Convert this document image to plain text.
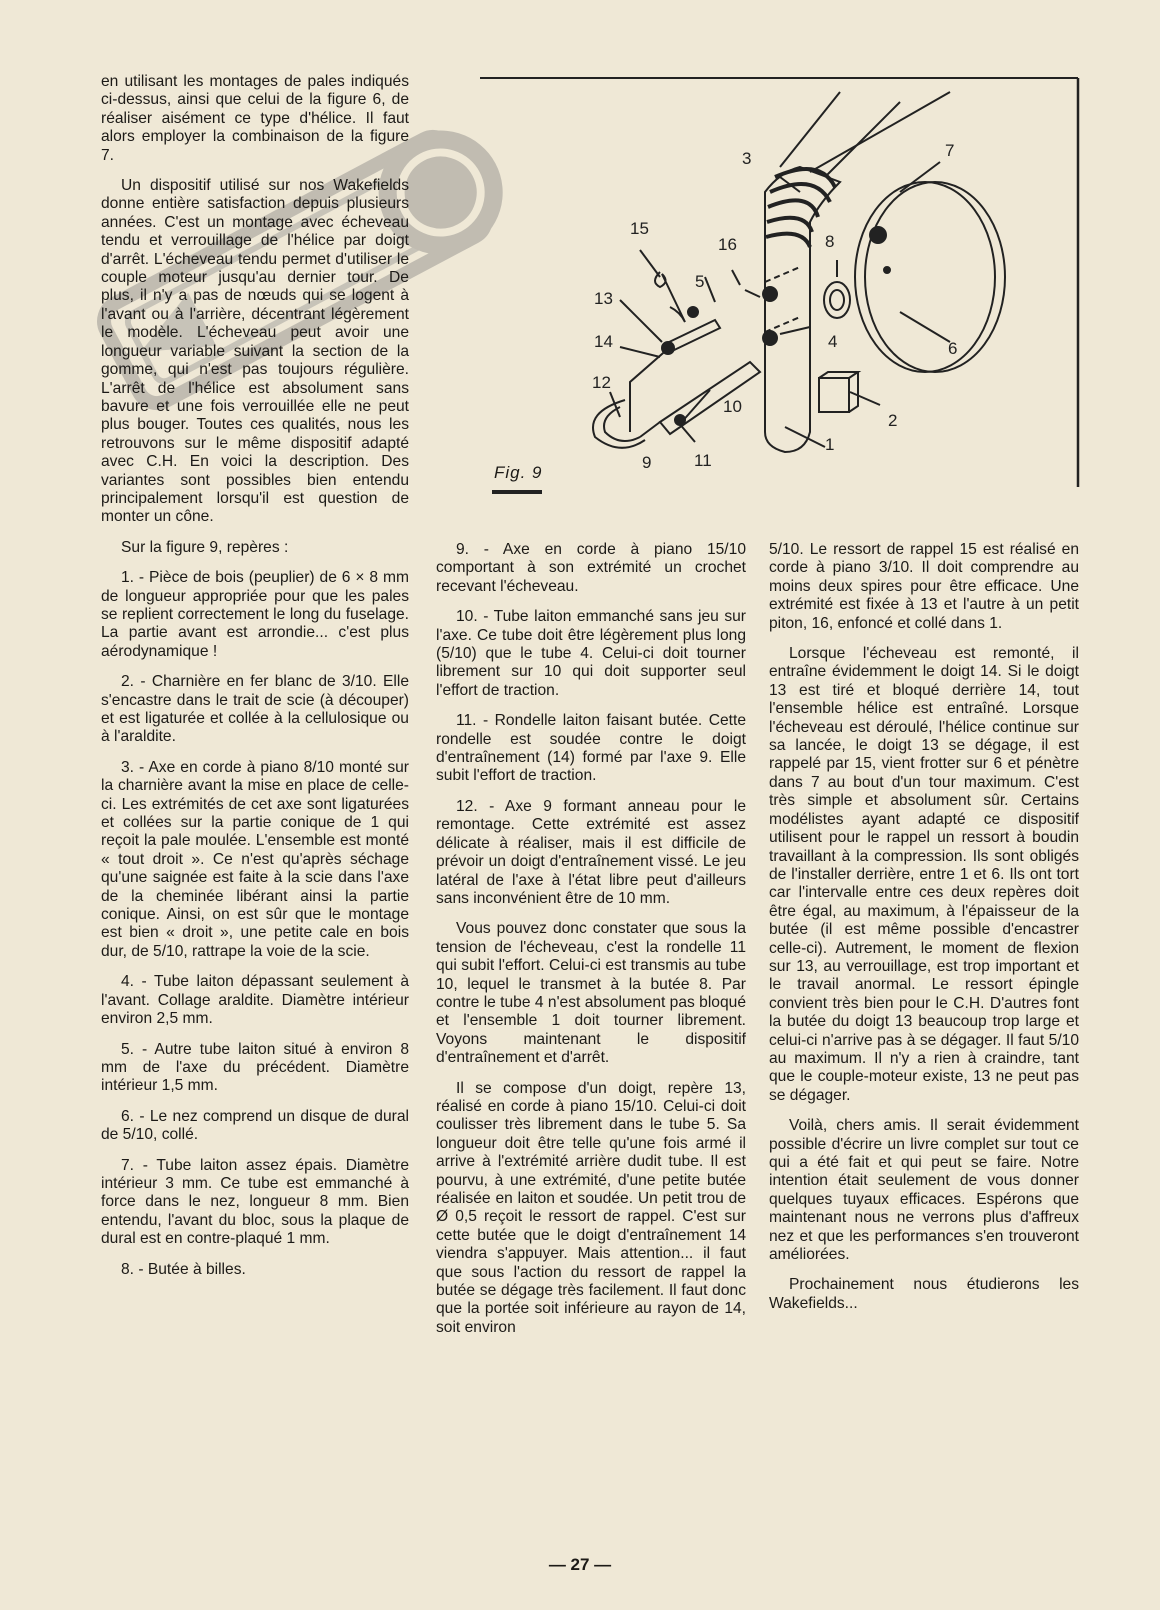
en utilisant les montages de pales indiqués ci-dessus, ainsi que celui de la figure 6, de réaliser aisément ce type d'hélice. Il faut alors employer la combinaison de la figure 7.

Un dispositif utilisé sur nos Wakefields donne entière satisfaction depuis plusieurs années. C'est un montage avec écheveau tendu et verrouillage de l'hélice par doigt d'arrêt. L'écheveau tendu permet d'utiliser le couple moteur jusqu'au dernier tour. De plus, il n'y a pas de nœuds qui se logent à l'avant ou à l'arrière, décentrant légèrement le modèle. L'écheveau peut avoir une longueur variable suivant la section de la gomme, qui n'est pas toujours régulière. L'arrêt de l'hélice est absolument sans bavure et une fois verrouillée elle ne peut plus bouger. Toutes ces qualités, nous les retrouvons sur le même dispositif adapté avec C.H. En voici la description. Des variantes sont possibles bien entendu principalement lorsqu'il est question de monter un cône.

Sur la figure 9, repères :

1. - Pièce de bois (peuplier) de 6 × 8 mm de longueur appropriée pour que les pales se replient correctement le long du fuselage. La partie avant est arrondie... c'est plus aérodynamique !

2. - Charnière en fer blanc de 3/10. Elle s'encastre dans le trait de scie (à découper) et est ligaturée et collée à la cellulosique ou à l'araldite.

3. - Axe en corde à piano 8/10 monté sur la charnière avant la mise en place de celle-ci. Les extrémités de cet axe sont ligaturées et collées sur la partie conique de 1 qui reçoit la pale moulée. L'ensemble est monté « tout droit ». Ce n'est qu'après séchage qu'une saignée est faite à la scie dans l'axe de la cheminée libérant ainsi la partie conique. Ainsi, on est sûr que le montage est bien « droit », une petite cale en bois dur, de 5/10, rattrape la voie de la scie.

4. - Tube laiton dépassant seulement à l'avant. Collage araldite. Diamètre intérieur environ 2,5 mm.

5. - Autre tube laiton situé à environ 8 mm de l'axe du précédent. Diamètre intérieur 1,5 mm.

6. - Le nez comprend un disque de dural de 5/10, collé.

7. - Tube laiton assez épais. Diamètre intérieur 3 mm. Ce tube est emmanché à force dans le nez, longueur 8 mm. Bien entendu, l'avant du bloc, sous la plaque de dural est en contre-plaqué 1 mm.

8. - Butée à billes.

1
2
3
4
5
6
7
8
9
10
11
12
13
14
15
16
Fig. 9

9. - Axe en corde à piano 15/10 comportant à son extrémité un crochet recevant l'écheveau.

10. - Tube laiton emmanché sans jeu sur l'axe. Ce tube doit être légèrement plus long (5/10) que le tube 4. Celui-ci doit tourner librement sur 10 qui doit supporter seul l'effort de traction.

11. - Rondelle laiton faisant butée. Cette rondelle est soudée contre le doigt d'entraînement (14) formé par l'axe 9. Elle subit l'effort de traction.

12. - Axe 9 formant anneau pour le remontage. Cette extrémité est assez délicate à réaliser, mais il est difficile de prévoir un doigt d'entraînement vissé. Le jeu latéral de l'axe à l'état libre peut d'ailleurs sans inconvénient être de 10 mm.

Vous pouvez donc constater que sous la tension de l'écheveau, c'est la rondelle 11 qui subit l'effort. Celui-ci est transmis au tube 10, lequel le transmet à la butée 8. Par contre le tube 4 n'est absolument pas bloqué et l'ensemble 1 doit tourner librement. Voyons maintenant le dispositif d'entraînement et d'arrêt.

Il se compose d'un doigt, repère 13, réalisé en corde à piano 15/10. Celui-ci doit coulisser très librement dans le tube 5. Sa longueur doit être telle qu'une fois armé il arrive à l'extrémité arrière dudit tube. Il est pourvu, à une extrémité, d'une petite butée réalisée en laiton et soudée. Un petit trou de Ø 0,5 reçoit le ressort de rappel. C'est sur cette butée que le doigt d'entraînement 14 viendra s'appuyer. Mais attention... il faut que sous l'action du ressort de rappel la butée se dégage très facilement. Il faut donc que la portée soit inférieure au rayon de 14, soit environ

5/10. Le ressort de rappel 15 est réalisé en corde à piano 3/10. Il doit comprendre au moins deux spires pour être efficace. Une extrémité est fixée à 13 et l'autre à un petit piton, 16, enfoncé et collé dans 1.

Lorsque l'écheveau est remonté, il entraîne évidemment le doigt 14. Si le doigt 13 est tiré et bloqué derrière 14, tout l'ensemble hélice est entraîné. Lorsque l'écheveau est déroulé, l'hélice continue sur sa lancée, le doigt 13 se dégage, il est rappelé par 15, vient frotter sur 6 et pénètre dans 7 au bout d'un tour maximum. C'est très simple et absolument sûr. Certains modélistes ayant adapté ce dispositif utilisent pour le rappel un ressort à boudin travaillant à la compression. Ils sont obligés de l'installer derrière, entre 1 et 6. Ils ont tort car l'intervalle entre ces deux repères doit être égal, au maximum, à l'épaisseur de la butée (il est même possible d'encastrer celle-ci). Autrement, le moment de flexion sur 13, au verrouillage, est trop important et le travail anormal. Le ressort épingle convient très bien pour le C.H. D'autres font la butée du doigt 13 beaucoup trop large et celui-ci n'arrive pas à se dégager. Il faut 5/10 au maximum. Il n'y a rien à craindre, tant que le couple-moteur existe, 13 ne peut pas se dégager.

Voilà, chers amis. Il serait évidemment possible d'écrire un livre complet sur tout ce qui a été fait et qui peut se faire. Notre intention était seulement de vous donner quelques tuyaux efficaces. Espérons que maintenant nous ne verrons plus d'affreux nez et que les performances s'en trouveront améliorées.

Prochainement nous étudierons les Wakefields...

— 27 —
